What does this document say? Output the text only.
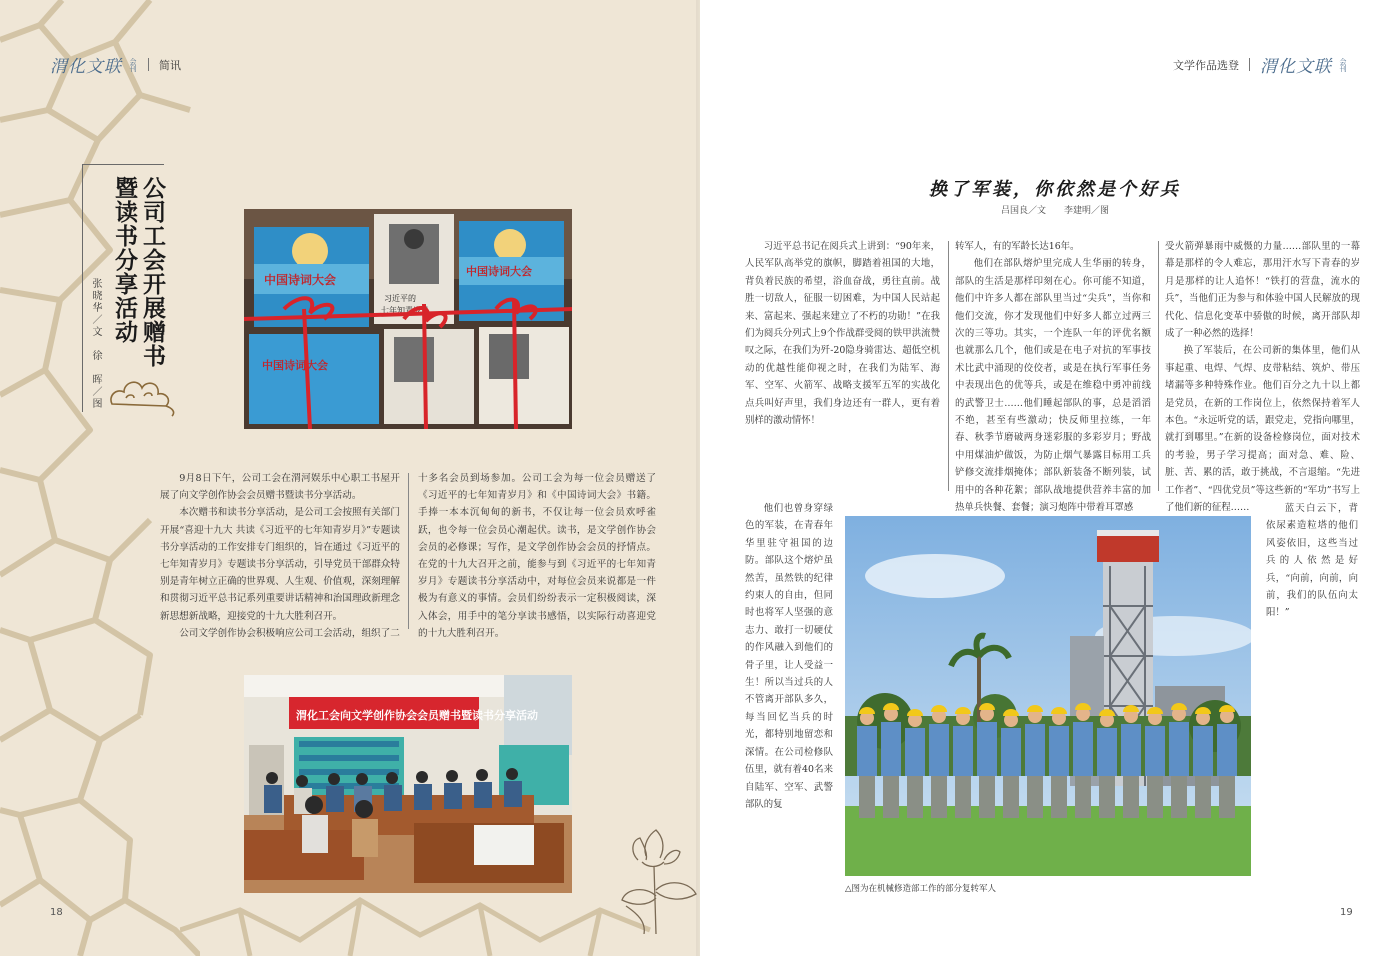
渭化文联 会刊 简讯
公司工会开展赠书
暨读书分享活动
张晓华／文　徐　晖／图	中国诗词大会
习近平的
七年知青岁月
中国诗词大会
中国诗词大会

9月8日下午，公司工会在渭河娱乐中心职工书屋开展了向文学创作协会会员赠书暨读书分享活动。

本次赠书和读书分享活动，是公司工会按照有关部门开展“喜迎十九大 共读《习近平的七年知青岁月》”专题读书分享活动的工作安排专门组织的，旨在通过《习近平的七年知青岁月》专题读书分享活动，引导党员干部群众特别是青年树立正确的世界观、人生观、价值观，深刻理解和贯彻习近平总书记系列重要讲话精神和治国理政新理念新思想新战略，迎接党的十九大胜利召开。

公司文学创作协会积极响应公司工会活动，组织了二

十多名会员到场参加。公司工会为每一位会员赠送了《习近平的七年知青岁月》和《中国诗词大会》书籍。手捧一本本沉甸甸的新书，不仅让每一位会员欢呼雀跃，也令每一位会员心潮起伏。读书，是文学创作协会会员的必修课；写作，是文学创作协会会员的抒情点。在党的十九大召开之前，能参与到《习近平的七年知青岁月》专题读书分享活动中，对每位会员来说都是一件极为有意义的事情。会员们纷纷表示一定积极阅读，深入体会，用手中的笔分享读书感悟，以实际行动喜迎党的十九大胜利召开。
渭化工会向文学创作协会会员赠书暨读书分享活动
18
文学作品选登 渭化文联 会刊
换了军装，你依然是个好兵
吕国良／文　　李建明／图

习近平总书记在阅兵式上讲到：“90年来，人民军队高举党的旗帜，脚踏着祖国的大地，背负着民族的希望，浴血奋战，勇往直前。战胜一切敌人，征服一切困难，为中国人民站起来、富起来、强起来建立了不朽的功勋！”在我们为阅兵分列式上9个作战群受阅的铁甲洪流赞叹之际，在我们为歼-20隐身骑雷达、超低空机动的优越性能仰视之时，在我们为陆军、海军、空军、火箭军、战略支援军五军的实战化点兵叫好声里，我们身边还有一群人，更有着别样的激动情怀！

转军人，有的军龄长达16年。

他们在部队熔炉里完成人生华丽的转身，部队的生活是那样印刻在心。你可能不知道，他们中许多人都在部队里当过“尖兵”，当你和他们交流，你才发现他们中好多人都立过两三次的三等功。其实，一个连队一年的评优名额也就那么几个，他们或是在电子对抗的军事技术比武中涌现的佼佼者，或是在执行军事任务中表现出色的优等兵，或是在维稳中勇冲前线的武警卫士……他们睡起部队的事，总是滔滔不绝，甚至有些激动；快反师里拉练，一年春、秋季节磨破两身迷彩服的多彩岁月；野战中用煤油炉做饭，为防止烟气暴露目标用工兵铲修交流排烟掩体；部队新装备不断列装，试用中的各种花絮；部队战地提供营养丰富的加热单兵快餐、套餐；演习炮阵中带着耳罩感

受火箭弹暴雨中威慑的力量……部队里的一幕幕是那样的令人难忘，那用汗水写下青春的岁月是那样的让人追怀！“铁打的营盘，流水的兵”，当他们正为参与和体验中国人民解放的现代化、信息化变革中骄傲的时候，离开部队却成了一种必然的选择！

换了军装后，在公司新的集体里，他们从事起重、电焊、气焊、皮带粘结、筑炉、带压堵漏等多种特殊作业。他们百分之九十以上都是党员，在新的工作岗位上，依然保持着军人本色。“永远听党的话，跟党走，党指向哪里，就打到哪里。”在新的设备检修岗位，面对技术的考验，男子学习提高；面对急、难、险、脏、苦、累的活，敢于挑战，不言退缩。“先进工作者”、“四优党员”等这些新的“军功”书写上了他们新的征程……

他们也曾身穿绿色的军装，在青春年华里驻守祖国的边防。部队这个熔炉虽然苦，虽然铁的纪律约束人的自由，但同时也将军人坚强的意志力、敢打一切硬仗的作风融入到他们的骨子里，让人受益一生！所以当过兵的人不管离开部队多久，每当回忆当兵的时光，都特别地留恋和深情。在公司检修队伍里，就有着40名来自陆军、空军、武警部队的复

蓝天白云下，背依尿素造粒塔的他们风姿依旧，这些当过兵的人依然是好兵，“向前，向前，向前，我们的队伍向太阳！”

19
△图为在机械修造部工作的部分复转军人
